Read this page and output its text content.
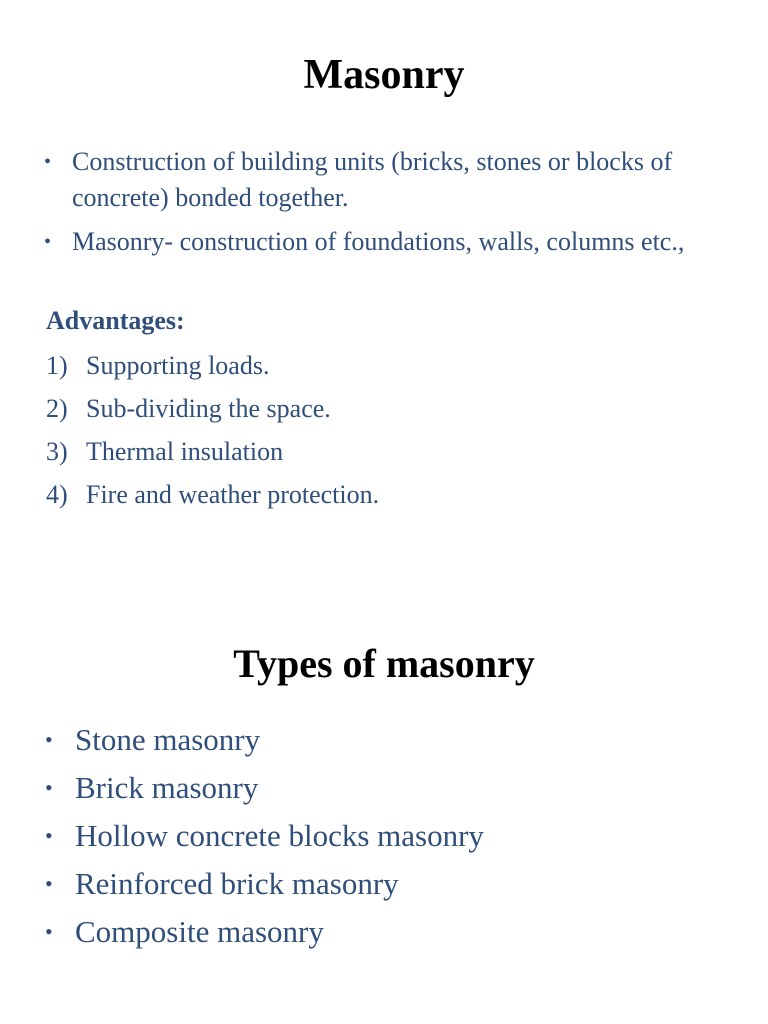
Masonry
• Construction of building units (bricks, stones or blocks of concrete) bonded together.
• Masonry- construction of foundations, walls, columns etc.,

Advantages:

1) Supporting loads.
2) Sub-dividing the space.
3) Thermal insulation
4) Fire and weather protection.
Types of masonry
• Stone masonry
• Brick masonry
• Hollow concrete blocks masonry
• Reinforced brick masonry
• Composite masonry
